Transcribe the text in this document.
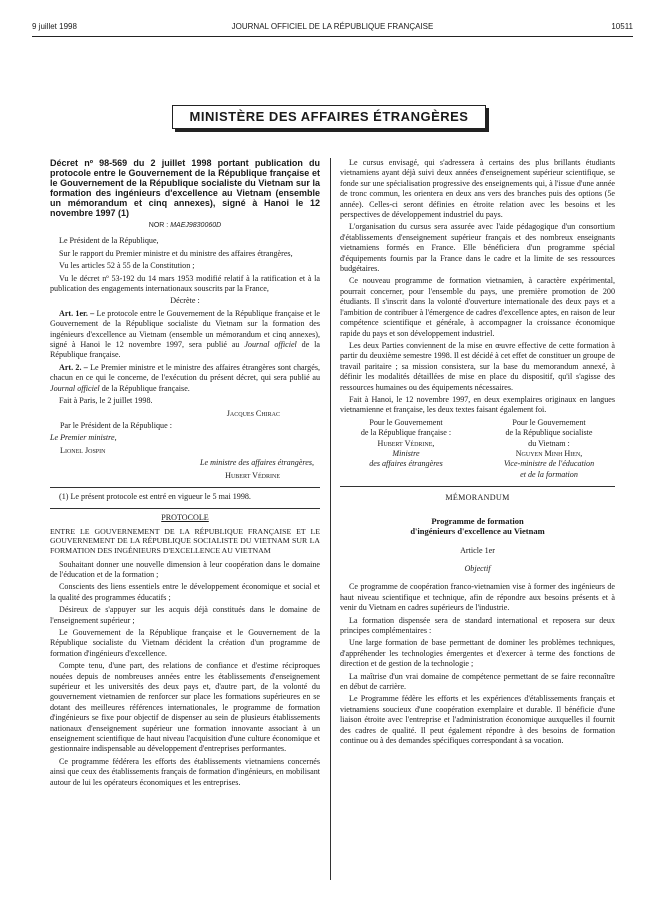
9 juillet 1998	JOURNAL OFFICIEL DE LA RÉPUBLIQUE FRANÇAISE	10511
MINISTÈRE DES AFFAIRES ÉTRANGÈRES
Décret nº 98-569 du 2 juillet 1998 portant publication du protocole entre le Gouvernement de la République française et le Gouvernement de la République socialiste du Vietnam sur la formation des ingénieurs d'excellence au Vietnam (ensemble un mémorandum et cinq annexes), signé à Hanoi le 12 novembre 1997 (1)
NOR : MAEJ9830060D

Le Président de la République,

Sur le rapport du Premier ministre et du ministre des affaires étrangères,

Vu les articles 52 à 55 de la Constitution ;

Vu le décret nº 53-192 du 14 mars 1953 modifié relatif à la ratification et à la publication des engagements internationaux souscrits par la France,

Décrète :

Art. 1er. – Le protocole entre le Gouvernement de la République française et le Gouvernement de la République socialiste du Vietnam sur la formation des ingénieurs d'excellence au Vietnam (ensemble un mémorandum et cinq annexes), signé à Hanoi le 12 novembre 1997, sera publié au Journal officiel de la République française.

Art. 2. – Le Premier ministre et le ministre des affaires étrangères sont chargés, chacun en ce qui le concerne, de l'exécution du présent décret, qui sera publié au Journal officiel de la République française.

Fait à Paris, le 2 juillet 1998.

Jacques Chirac

Par le Président de la République :

Le Premier ministre,

Lionel Jospin

Le ministre des affaires étrangères,

Hubert Védrine

(1) Le présent protocole est entré en vigueur le 5 mai 1998.

PROTOCOLE
ENTRE LE GOUVERNEMENT DE LA RÉPUBLIQUE FRANÇAISE ET LE GOUVERNEMENT DE LA RÉPUBLIQUE SOCIALISTE DU VIETNAM SUR LA FORMATION DES INGÉNIEURS D'EXCELLENCE AU VIETNAM

Souhaitant donner une nouvelle dimension à leur coopération dans le domaine de l'éducation et de la formation ;

Conscients des liens essentiels entre le développement économique et social et la qualité des programmes éducatifs ;

Désireux de s'appuyer sur les acquis déjà constitués dans le domaine de l'enseignement supérieur ;

Le Gouvernement de la République française et le Gouvernement de la République socialiste du Vietnam décident la création d'un programme de formation d'ingénieurs d'excellence.

Compte tenu, d'une part, des relations de confiance et d'estime réciproques nouées depuis de nombreuses années entre les établissements d'enseignement supérieur et les universités des deux pays et, d'autre part, de la volonté du gouvernement vietnamien de renforcer sur place les formations supérieures en se dotant des meilleures références internationales, le programme de formation d'ingénieurs se fixe pour objectif de dispenser au sein de plusieurs établissements nationaux d'enseignement supérieur une formation innovante associant à un enseignement scientifique de haut niveau l'acquisition d'une culture économique et gestionnaire indispensable au développement d'entreprises performantes.

Ce programme fédérera les efforts des établissements vietnamiens concernés ainsi que ceux des établissements français de formation d'ingénieurs, en mobilisant autour de lui les opérateurs économiques et les entreprises.

Le cursus envisagé, qui s'adressera à certains des plus brillants étudiants vietnamiens ayant déjà suivi deux années d'enseignement supérieur scientifique, se fonde sur une spécialisation progressive des enseignements qui, à l'issue d'une année de tronc commun, les orientera en deux ans vers des branches puis des options (5e année). Celles-ci seront définies en étroite relation avec les besoins et les perspectives de développement industriel du pays.

L'organisation du cursus sera assurée avec l'aide pédagogique d'un consortium d'établissements d'enseignement supérieur français et des nombreux enseignants vietnamiens formés en France. Elle bénéficiera d'un programme spécial d'équipements fournis par la France dans le cadre et la limite de ses ressources budgétaires.

Ce nouveau programme de formation vietnamien, à caractère expérimental, pourrait concerner, pour l'ensemble du pays, une première promotion de 200 étudiants. Il s'inscrit dans la volonté d'ouverture internationale des deux pays et a l'ambition de contribuer à l'émergence de cadres d'excellence aptes, en raison de leur compétence scientifique et générale, à accompagner la croissance économique rapide du pays et son développement industriel.

Les deux Parties conviennent de la mise en œuvre effective de cette formation à partir du deuxième semestre 1998. Il est décidé à cet effet de constituer un groupe de travail paritaire ; sa mission consistera, sur la base du memorandum annexé, à définir les modalités détaillées de mise en place du dispositif, qu'il s'agisse des ressources humaines ou des équipements nécessaires.

Fait à Hanoi, le 12 novembre 1997, en deux exemplaires originaux en langues vietnamienne et française, les deux textes faisant également foi.

Pour le Gouvernement
de la République française :
Hubert Védrine,
Ministre
des affaires étrangères
Pour le Gouvernement
de la République socialiste
du Vietnam :
Nguyen Minh Hien,
Vice-ministre de l'éducation
et de la formation
MÉMORANDUM
Programme de formation
d'ingénieurs d'excellence au Vietnam
Article 1er
Objectif

Ce programme de coopération franco-vietnamien vise à former des ingénieurs de haut niveau scientifique et technique, afin de répondre aux besoins présents et à venir du Vietnam en cadres supérieurs de l'industrie.

La formation dispensée sera de standard international et reposera sur deux principes complémentaires :

Une large formation de base permettant de dominer les problèmes techniques, d'appréhender les technologies émergentes et d'exercer à terme des fonctions de direction et de gestion de la technologie ;

La maîtrise d'un vrai domaine de compétence permettant de se faire reconnaître en début de carrière.

Le Programme fédère les efforts et les expériences d'établissements français et vietnamiens soucieux d'une coopération exemplaire et durable. Il bénéficie d'une liaison étroite avec l'entreprise et l'administration économique auxquelles il fournit des cadres de qualité. Il peut également répondre à des besoins de formation continue ou à des demandes spécifiques correspondant à sa vocation.
